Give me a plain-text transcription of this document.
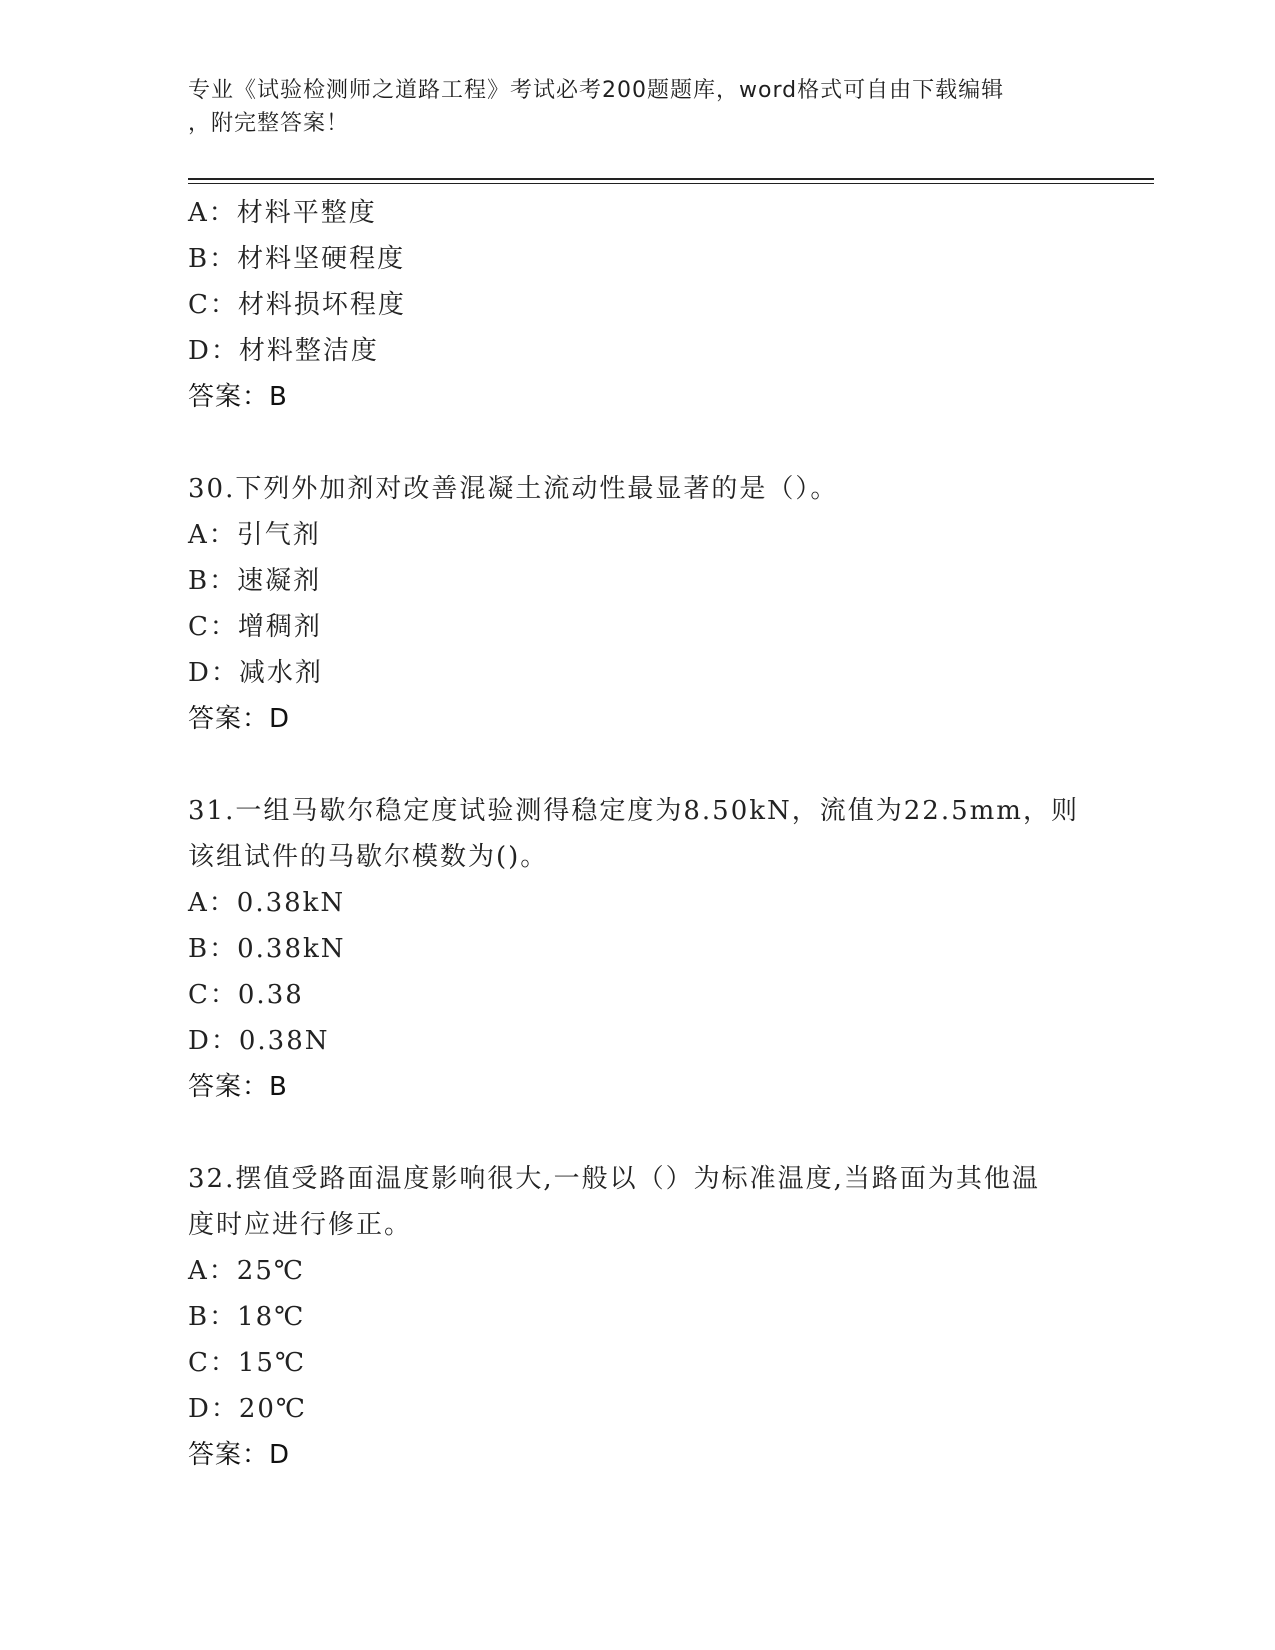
专业《试验检测师之道路工程》考试必考200题题库，word格式可自由下载编辑
，附完整答案！
A：材料平整度
B：材料坚硬程度
C：材料损坏程度
D：材料整洁度
答案：B
30.下列外加剂对改善混凝土流动性最显著的是（）。
A：引气剂
B：速凝剂
C：增稠剂
D：减水剂
答案：D
31.一组马歇尔稳定度试验测得稳定度为8.50kN，流值为22.5mm，则
该组试件的马歇尔模数为()。
A：0.38kN
B：0.38kN
C：0.38
D：0.38N
答案：B
32.摆值受路面温度影响很大,一般以（）为标准温度,当路面为其他温
度时应进行修正。
A：25℃
B：18℃
C：15℃
D：20℃
答案：D
